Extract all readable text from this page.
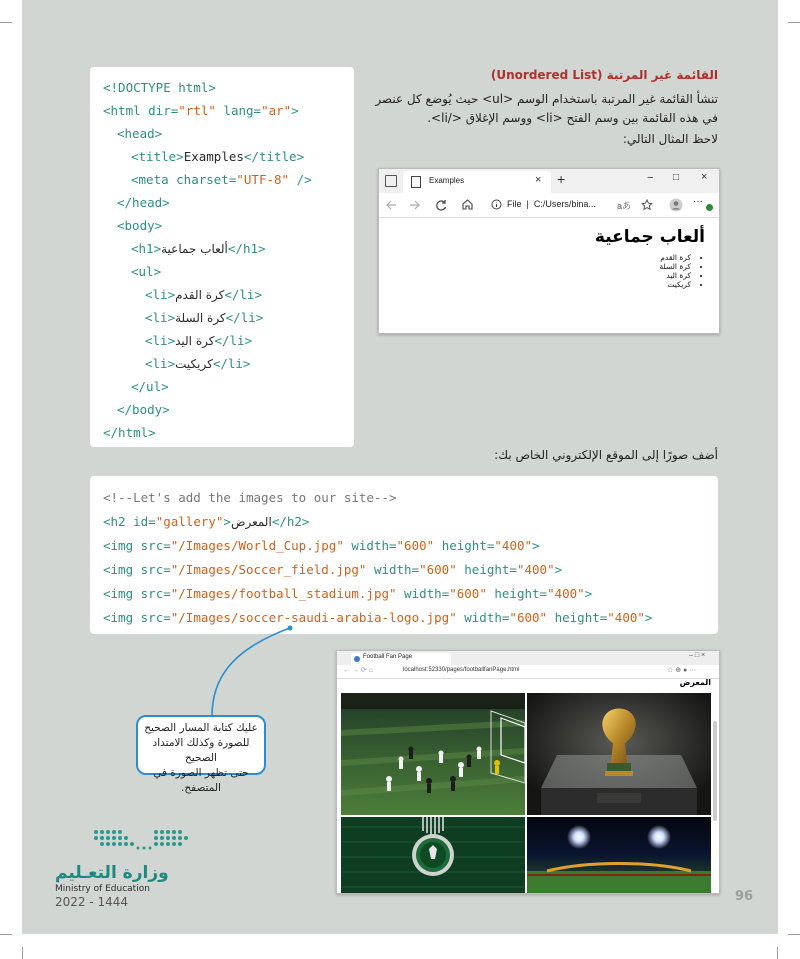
القائمة غير المرتبة (Unordered List)
تنشأ القائمة غير المرتبة باستخدام الوسم <ul> حيث يُوضع كل عنصر
في هذه القائمة بين وسم الفتح <li> ووسم الإغلاق </li>.
لاحظ المثال التالي:
<!DOCTYPE html>
<html dir="rtl" lang="ar">
<head>
<title>Examples</title>
<meta charset="UTF-8" />
</head>
<body>
<h1>ألعاب جماعية</h1>
<ul>
<li>كرة القدم</li>
<li>كرة السلة</li>
<li>كرة اليد</li>
<li>كريكيت</li>
</ul>
</body>
</html>
Examples	× +	− □ ×
File  |  C:/Users/bina... aあ	···
ألعاب جماعية
• كرة القدم
• كرة السلة
• كرة اليد
• كريكيت
أضف صورًا إلى الموقع الإلكتروني الخاص بك:
<!--Let's add the images to our site-->
<h2 id="gallery">المعرض</h2>
<img src="/Images/World_Cup.jpg" width="600" height="400">
<img src="/Images/Soccer_field.jpg" width="600" height="400">
<img src="/Images/football_stadium.jpg" width="600" height="400">
<img src="/Images/soccer-saudi-arabia-logo.jpg" width="600" height="400">
عليك كتابة المسار الصحيح
للصورة وكذلك الامتداد الصحيح
حتى تظهر الصورة في المتصفح.
Football Fan Page	– □ ×
← → ⟳ ⌂	localhost:52330/pages/footballfanPage.html	☆ ⊕ ● ···
المعرض
وزارة التعـليم
Ministry of Education
2022 - 1444	96
